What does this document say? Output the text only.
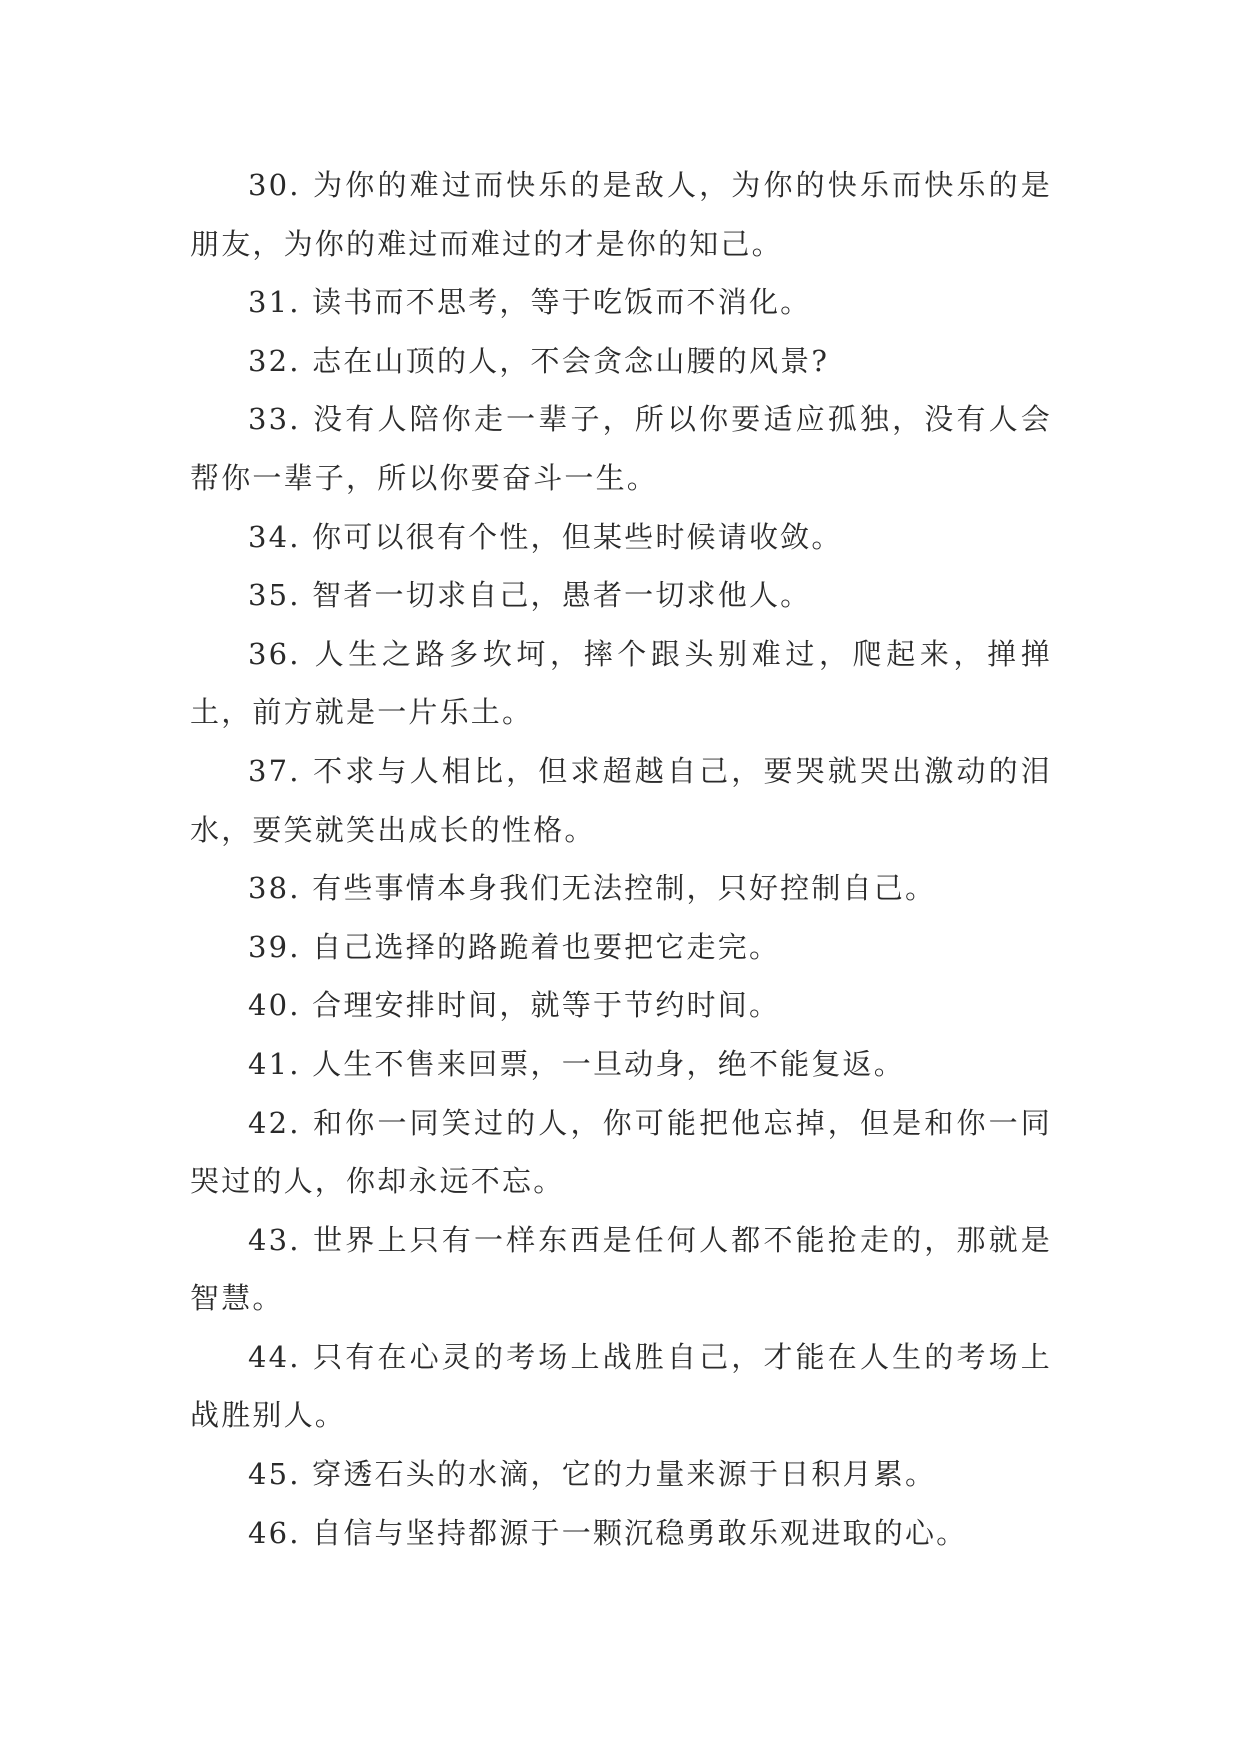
30. 为你的难过而快乐的是敌人，为你的快乐而快乐的是朋友，为你的难过而难过的才是你的知己。

31. 读书而不思考，等于吃饭而不消化。

32. 志在山顶的人，不会贪念山腰的风景?

33. 没有人陪你走一辈子，所以你要适应孤独，没有人会帮你一辈子，所以你要奋斗一生。

34. 你可以很有个性，但某些时候请收敛。

35. 智者一切求自己，愚者一切求他人。

36. 人生之路多坎坷，摔个跟头别难过，爬起来，掸掸土，前方就是一片乐土。

37. 不求与人相比，但求超越自己，要哭就哭出激动的泪水，要笑就笑出成长的性格。

38. 有些事情本身我们无法控制，只好控制自己。

39. 自己选择的路跪着也要把它走完。

40. 合理安排时间，就等于节约时间。

41. 人生不售来回票，一旦动身，绝不能复返。

42. 和你一同笑过的人，你可能把他忘掉，但是和你一同哭过的人，你却永远不忘。

43. 世界上只有一样东西是任何人都不能抢走的，那就是智慧。

44. 只有在心灵的考场上战胜自己，才能在人生的考场上战胜别人。

45. 穿透石头的水滴，它的力量来源于日积月累。

46. 自信与坚持都源于一颗沉稳勇敢乐观进取的心。
